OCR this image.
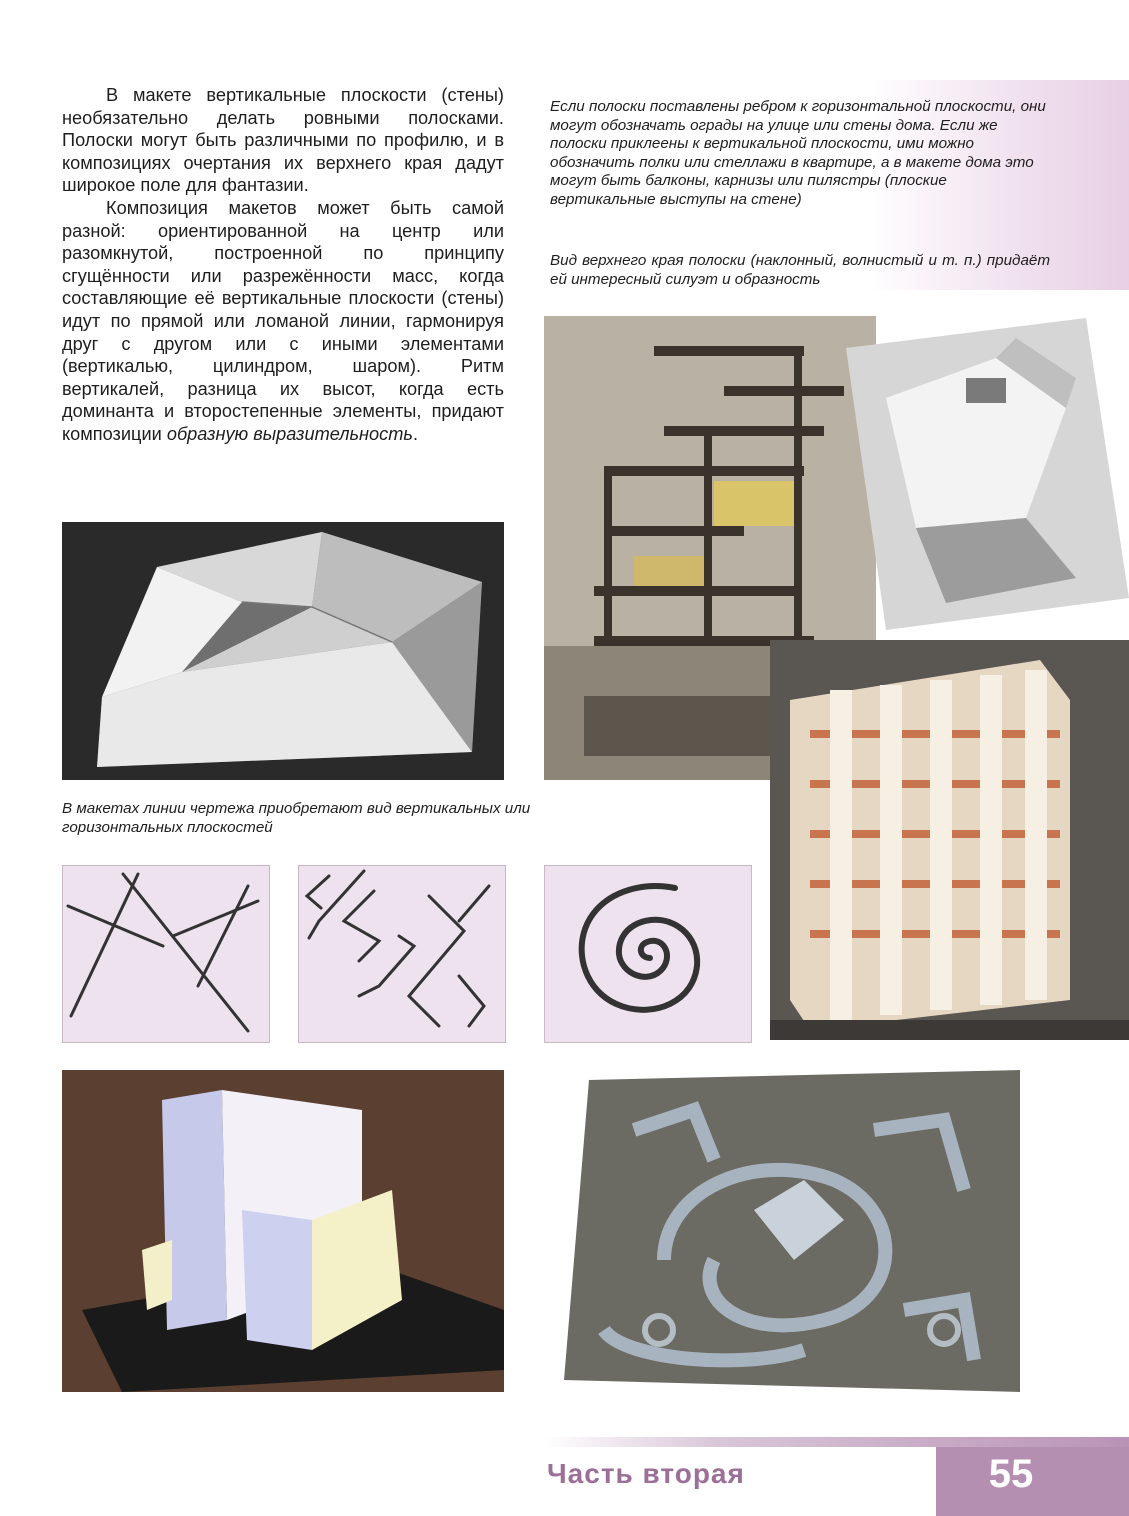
В макете вертикальные плоскости (стены) необязательно делать ровными полосками. Полоски могут быть различными по профилю, и в композициях очертания их верхнего края дадут широкое поле для фантазии.

Композиция макетов может быть самой разной: ориентированной на центр или разомкнутой, построенной по принципу сгущённости или разрежённости масс, когда составляющие её вертикальные плоскости (стены) идут по прямой или ломаной линии, гармонируя друг с другом или с иными элементами (вертикалью, цилиндром, шаром). Ритм вертикалей, разница их высот, когда есть доминанта и второстепенные элементы, придают композиции образную выразительность.

Если полоски поставлены ребром к горизонтальной плоскости, они могут обозначать ограды на улице или стены дома. Если же полоски приклеены к вертикальной плоскости, ими можно обозначить полки или стеллажи в квартире, а в макете дома это могут быть балконы, карнизы или пилястры (плоские вертикальные выступы на стене)
Вид верхнего края полоски (наклонный, волнистый и т. п.) придаёт ей интересный силуэт и образность
В макетах линии чертежа приобретают вид вертикальных или горизонтальных плоскостей
Часть вторая	55
